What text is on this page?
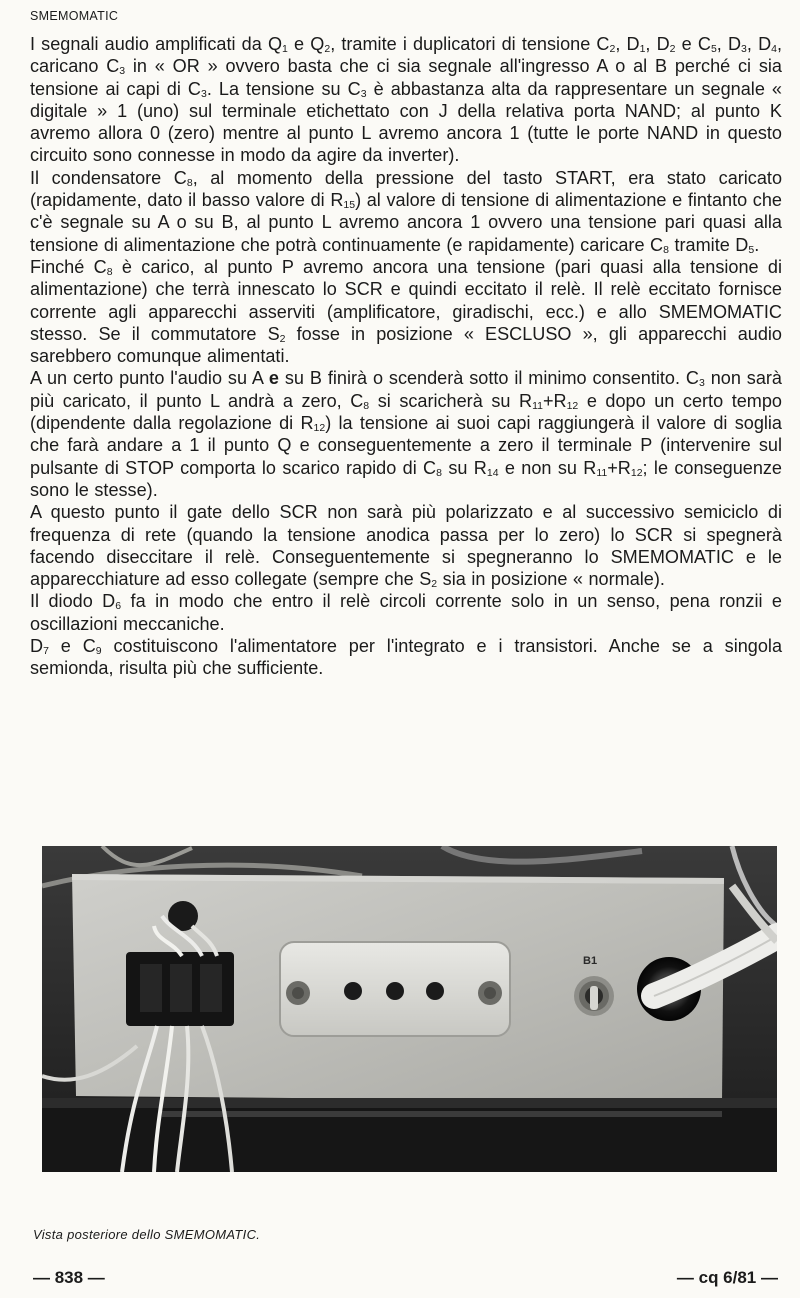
SMEMOMATIC

I segnali audio amplificati da $Q_1$ e $Q_2$, tramite i duplicatori di tensione $C_2$, $D_1$, $D_2$ e $C_5$, $D_3$, $D_4$, caricano $C_3$ in « OR » ovvero basta che ci sia segnale all'ingresso A o al B perché ci sia tensione ai capi di $C_3$. La tensione su $C_3$ è abbastanza alta da rappresentare un segnale « digitale » 1 (uno) sul terminale etichettato con J della relativa porta NAND; al punto K avremo allora 0 (zero) mentre al punto L avremo ancora 1 (tutte le porte NAND in questo circuito sono connesse in modo da agire da inverter).

Il condensatore $C_8$, al momento della pressione del tasto START, era stato caricato (rapidamente, dato il basso valore di $R_{15}$) al valore di tensione di alimentazione e fintanto che c'è segnale su A o su B, al punto L avremo ancora 1 ovvero una tensione pari quasi alla tensione di alimentazione che potrà continuamente (e rapidamente) caricare $C_8$ tramite $D_5$.

Finché $C_8$ è carico, al punto P avremo ancora una tensione (pari quasi alla tensione di alimentazione) che terrà innescato lo SCR e quindi eccitato il relè. Il relè eccitato fornisce corrente agli apparecchi asserviti (amplificatore, giradischi, ecc.) e allo SMEMOMATIC stesso. Se il commutatore $S_2$ fosse in posizione « ESCLUSO », gli apparecchi audio sarebbero comunque alimentati.

A un certo punto l'audio su A e su B finirà o scenderà sotto il minimo consentito. $C_3$ non sarà più caricato, il punto L andrà a zero, $C_8$ si scaricherà su $R_{11}+R_{12}$ e dopo un certo tempo (dipendente dalla regolazione di $R_{12}$) la tensione ai suoi capi raggiungerà il valore di soglia che farà andare a 1 il punto Q e conseguentemente a zero il terminale P (intervenire sul pulsante di STOP comporta lo scarico rapido di $C_8$ su $R_{14}$ e non su $R_{11}+R_{12}$; le conseguenze sono le stesse).

A questo punto il gate dello SCR non sarà più polarizzato e al successivo semiciclo di frequenza di rete (quando la tensione anodica passa per lo zero) lo SCR si spegnerà facendo diseccitare il relè. Conseguentemente si spegneranno lo SMEMOMATIC e le apparecchiature ad esso collegate (sempre che $S_2$ sia in posizione « normale).

Il diodo $D_6$ fa in modo che entro il relè circoli corrente solo in un senso, pena ronzii e oscillazioni meccaniche.

$D_7$ e $C_9$ costituiscono l'alimentatore per l'integrato e i transistori. Anche se a singola semionda, risulta più che sufficiente.

B1
Vista posteriore dello SMEMOMATIC.
— 838 —	— cq 6/81 —
